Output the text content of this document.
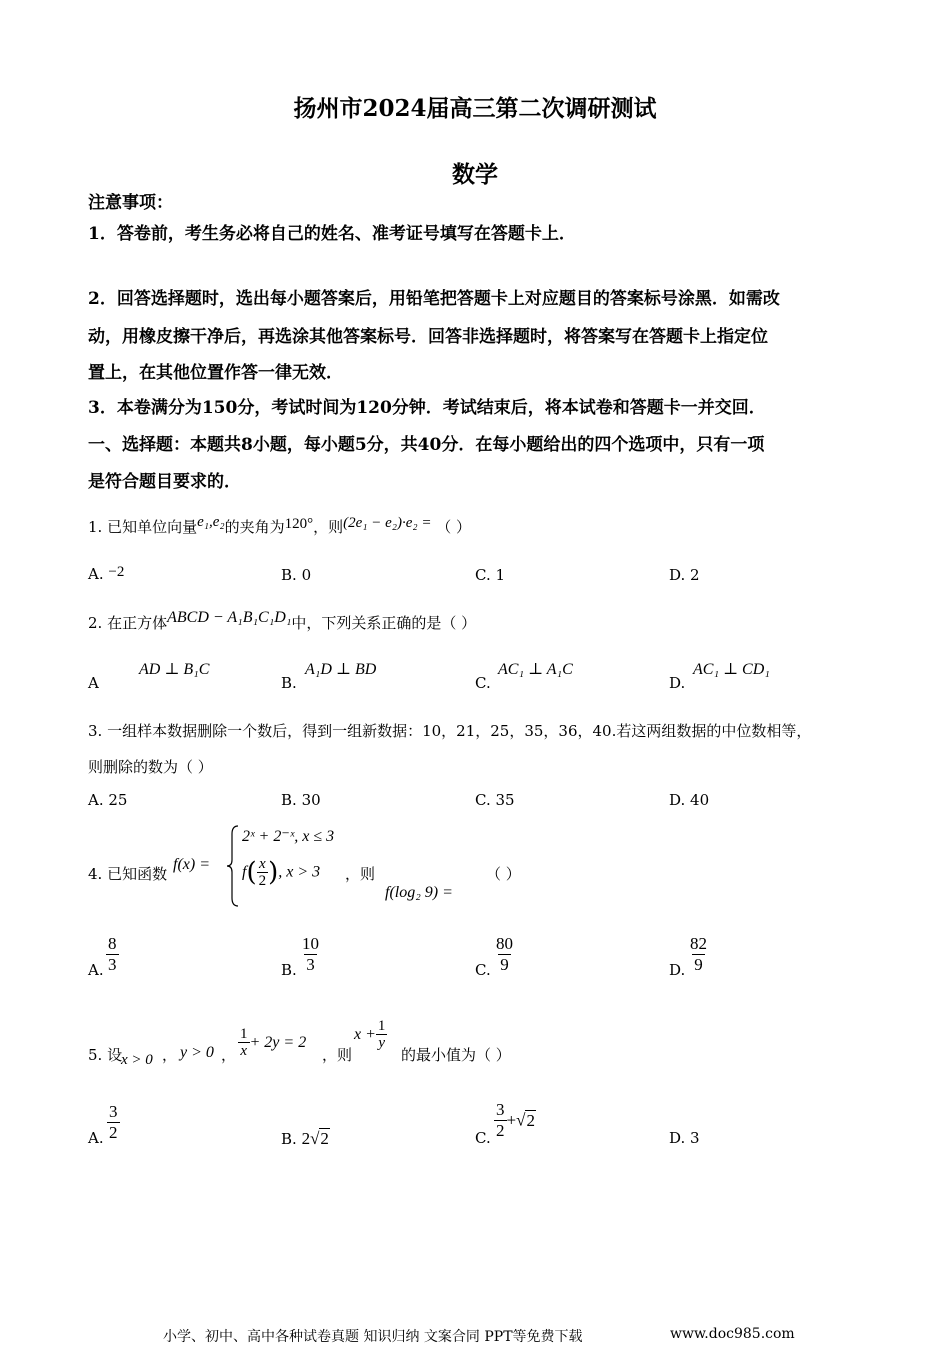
扬州市2024届高三第二次调研测试
数学
注意事项：
1．答卷前，考生务必将自己的姓名、准考证号填写在答题卡上．
2．回答选择题时，选出每小题答案后，用铅笔把答题卡上对应题目的答案标号涂黑．如需改
动，用橡皮擦干净后，再选涂其他答案标号．回答非选择题时，将答案写在答题卡上指定位
置上，在其他位置作答一律无效．
3．本卷满分为150分，考试时间为120分钟．考试结束后，将本试卷和答题卡一并交回．
一、选择题：本题共8小题，每小题5分，共40分．在每小题给出的四个选项中，只有一项
是符合题目要求的．
1. 已知单位向量e₁,e₂的夹角为120°，则(2e₁ − e₂)·e₂ = （ ）
A. −2	B. 0	C. 1	D. 2
2. 在正方体ABCD − A₁B₁C₁D₁中，下列关系正确的是（ ）
A
AD ⊥ B₁C
B.
A₁D ⊥ BD
C.
AC₁ ⊥ A₁C
D.
AC₁ ⊥ CD₁
3. 一组样本数据删除一个数后，得到一组新数据：10，21，25，35，36，40.若这两组数据的中位数相等，
则删除的数为（ ）
A. 25	B. 30	C. 35	D. 40
4. 已知函数
f(x) =
2ˣ + 2⁻ˣ, x ≤ 3
$f( \frac{x}{2}$ ), x > 3 ，则
f(log₂ 9) =
（ ）
A. $\frac{8}{3}$	B. $\frac{10}{3}$	C. $\frac{80}{9}$	D. $\frac{82}{9}$
5. 设
x > 0 ， y > 0 ， $\frac{1}{x} + 2y = 2$
，则
$x + \frac{1}{y}$
的最小值为（ ）
A. $\frac{3}{2}$	B. 2√2	C. $\frac{3}{2} +√2$
D. 3
小学、初中、高中各种试卷真题 知识归纳 文案合同 PPT等免费下载	www.doc985.com
